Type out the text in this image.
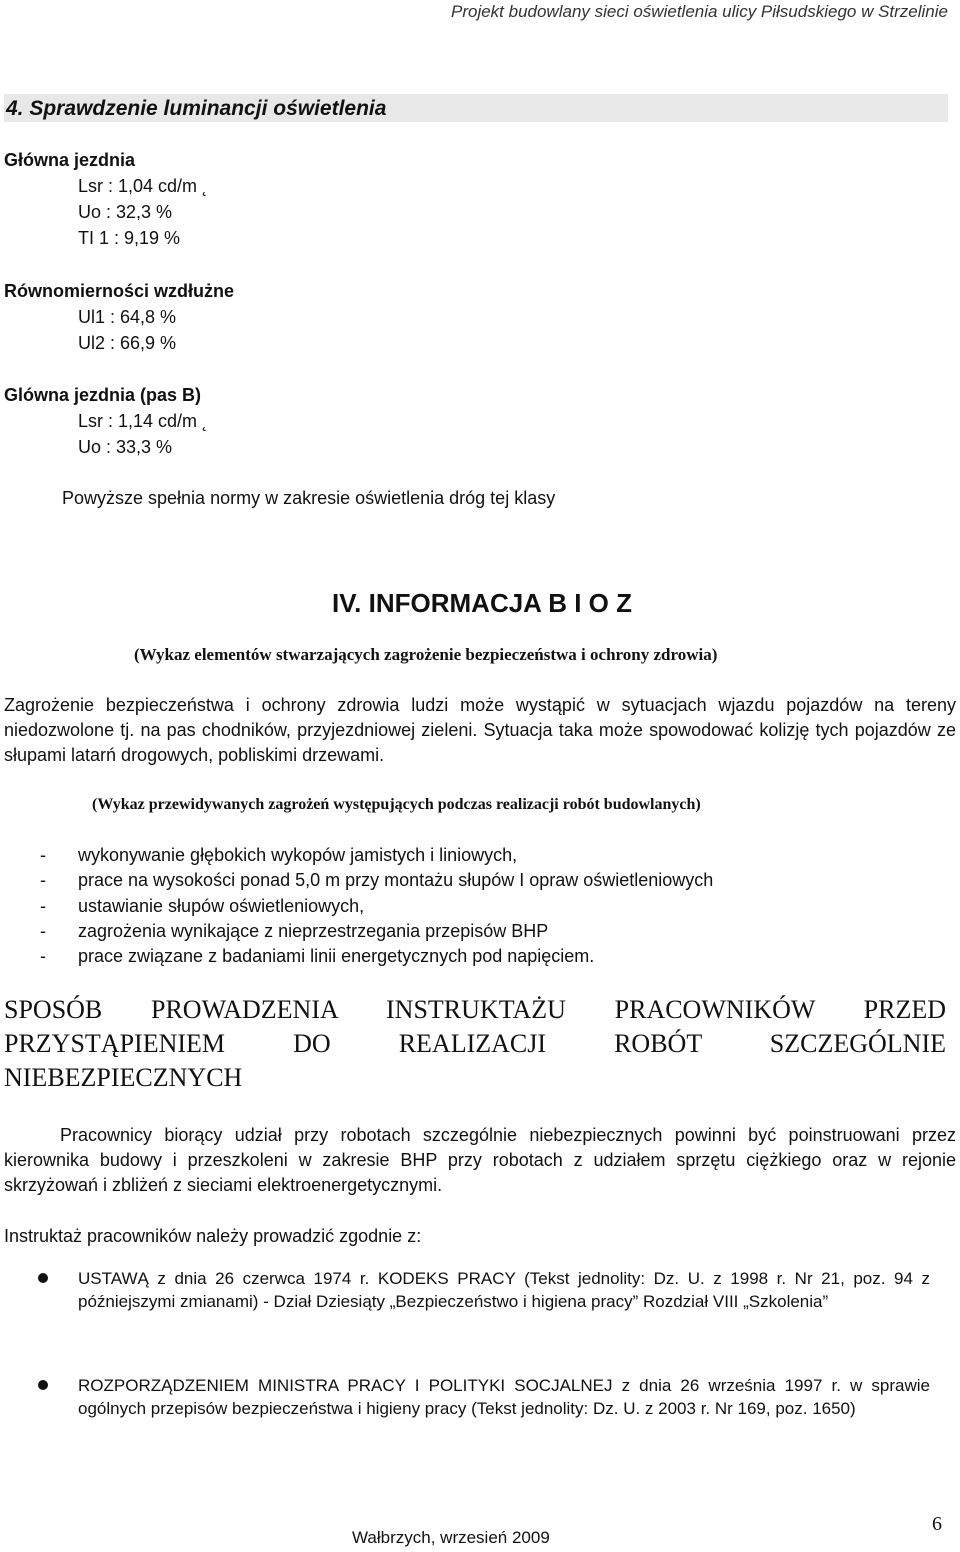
Projekt budowlany sieci oświetlenia ulicy Piłsudskiego w Strzelinie
4. Sprawdzenie luminancji oświetlenia
Główna jezdnia
Lsr : 1,04 cd/m ˛
Uo : 32,3 %
TI 1 : 9,19 %
Równomierności wzdłużne
Ul1 : 64,8 %
Ul2 : 66,9 %
Glówna jezdnia (pas B)
Lsr : 1,14 cd/m ˛
Uo : 33,3 %
Powyższe spełnia normy w zakresie oświetlenia dróg tej klasy
IV. INFORMACJA B I O Z
(Wykaz elementów stwarzających zagrożenie bezpieczeństwa i ochrony zdrowia)
Zagrożenie bezpieczeństwa i ochrony zdrowia ludzi może wystąpić w sytuacjach wjazdu pojazdów na tereny niedozwolone tj. na pas chodników, przyjezdniowej zieleni. Sytuacja taka może spowodować kolizję tych pojazdów ze słupami latarń drogowych, pobliskimi drzewami.
(Wykaz przewidywanych zagrożeń występujących podczas realizacji robót budowlanych)
- wykonywanie głębokich wykopów jamistych i liniowych,
- prace na wysokości ponad 5,0 m przy montażu słupów I opraw oświetleniowych
- ustawianie słupów oświetleniowych,
- zagrożenia wynikające z nieprzestrzegania przepisów BHP
- prace związane z badaniami linii energetycznych pod napięciem.
SPOSÓB PROWADZENIA INSTRUKTAŻU PRACOWNIKÓW PRZED
PRZYSTĄPIENIEM DO REALIZACJI ROBÓT SZCZEGÓLNIE
NIEBEZPIECZNYCH
Pracownicy biorący udział przy robotach szczególnie niebezpiecznych powinni być poinstruowani przez kierownika budowy i przeszkoleni w zakresie BHP przy robotach z udziałem sprzętu ciężkiego oraz w rejonie skrzyżowań i zbliżeń z sieciami elektroenergetycznymi.
Instruktaż pracowników należy prowadzić zgodnie z:
USTAWĄ z dnia 26 czerwca 1974 r. KODEKS PRACY (Tekst jednolity: Dz. U. z 1998 r. Nr 21, poz. 94 z późniejszymi zmianami) - Dział Dziesiąty „Bezpieczeństwo i higiena pracy” Rozdział VIII „Szkolenia”
ROZPORZĄDZENIEM MINISTRA PRACY I POLITYKI SOCJALNEJ z dnia 26 września 1997 r. w sprawie ogólnych przepisów bezpieczeństwa i higieny pracy (Tekst jednolity: Dz. U. z 2003 r. Nr 169, poz. 1650)
Wałbrzych, wrzesień 2009
6
